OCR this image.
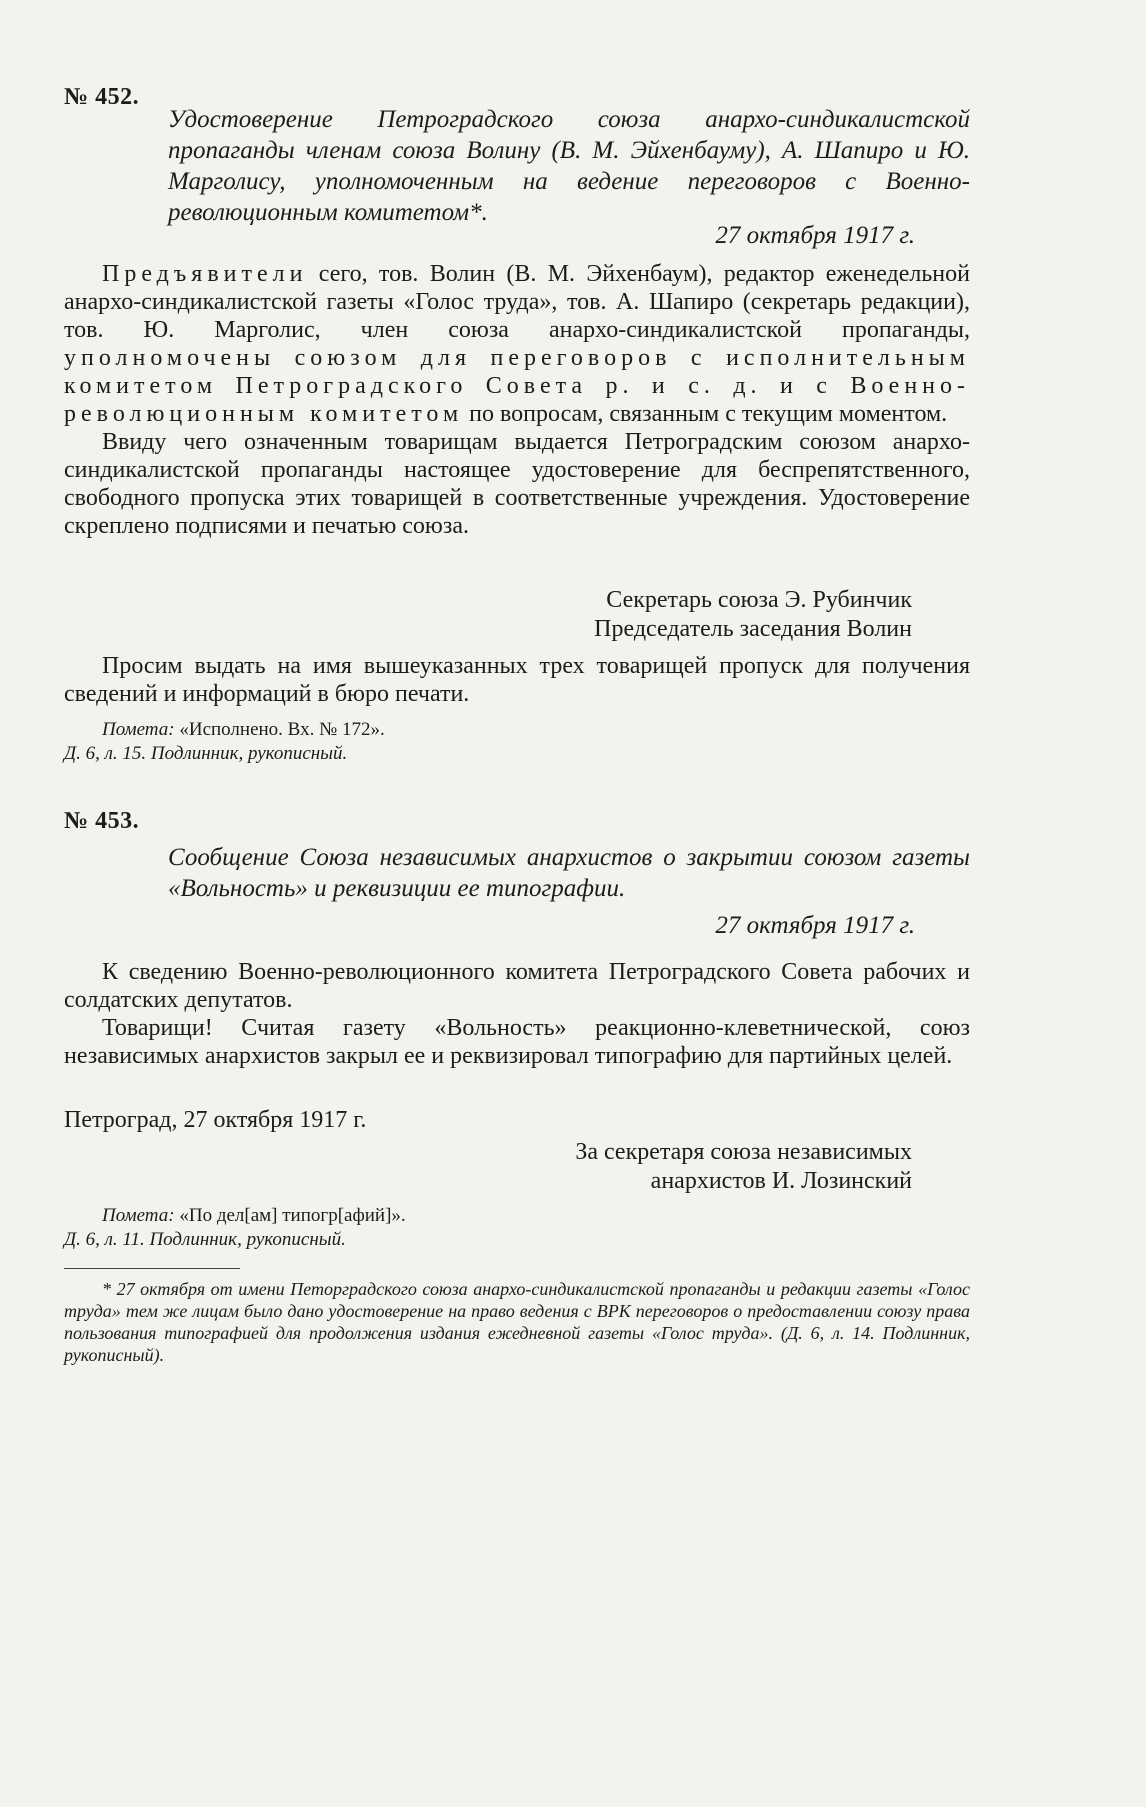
№ 452.
Удостоверение Петроградского союза анархо-синдикалистской пропаганды членам союза Волину (В. М. Эйхенбауму), А. Шапиро и Ю. Марголису, уполномоченным на ведение переговоров с Военно-революционным комитетом*.
27 октября 1917 г.

Предъявители сего, тов. Волин (В. М. Эйхенбаум), редактор еженедельной анархо-синдикалистской газеты «Голос труда», тов. А. Шапиро (секретарь редакции), тов. Ю. Марголис, член союза анархо-синдикалистской пропаганды, уполномочены союзом для переговоров с исполнительным комитетом Петроградского Совета р. и с. д. и с Военно-революционным комитетом по вопросам, связанным с текущим моментом.

Ввиду чего означенным товарищам выдается Петроградским союзом анархо-синдикалистской пропаганды настоящее удостоверение для беспрепятственного, свободного пропуска этих товарищей в соответственные учреждения. Удостоверение скреплено подписями и печатью союза.

Секретарь союза Э. Рубинчик
Председатель заседания Волин

Просим выдать на имя вышеуказанных трех товарищей пропуск для получения сведений и информаций в бюро печати.

Помета: «Исполнено. Вх. № 172».
Д. 6, л. 15. Подлинник, рукописный.
№ 453.
Сообщение Союза независимых анархистов о закрытии союзом газеты «Вольность» и реквизиции ее типографии.
27 октября 1917 г.

К сведению Военно-революционного комитета Петроградского Совета рабочих и солдатских депутатов.

Товарищи! Считая газету «Вольность» реакционно-клеветнической, союз независимых анархистов закрыл ее и реквизировал типографию для партийных целей.

Петроград, 27 октября 1917 г.

За секретаря союза независимых
анархистов И. Лозинский
Помета: «По дел[ам] типогр[афий]».
Д. 6, л. 11. Подлинник, рукописный.
* 27 октября от имени Петорградского союза анархо-синдикалистской пропаганды и редакции газеты «Голос труда» тем же лицам было дано удостоверение на право ведения с ВРК переговоров о предоставлении союзу права пользования типографией для продолжения издания ежедневной газеты «Голос труда». (Д. 6, л. 14. Подлинник, рукописный).
